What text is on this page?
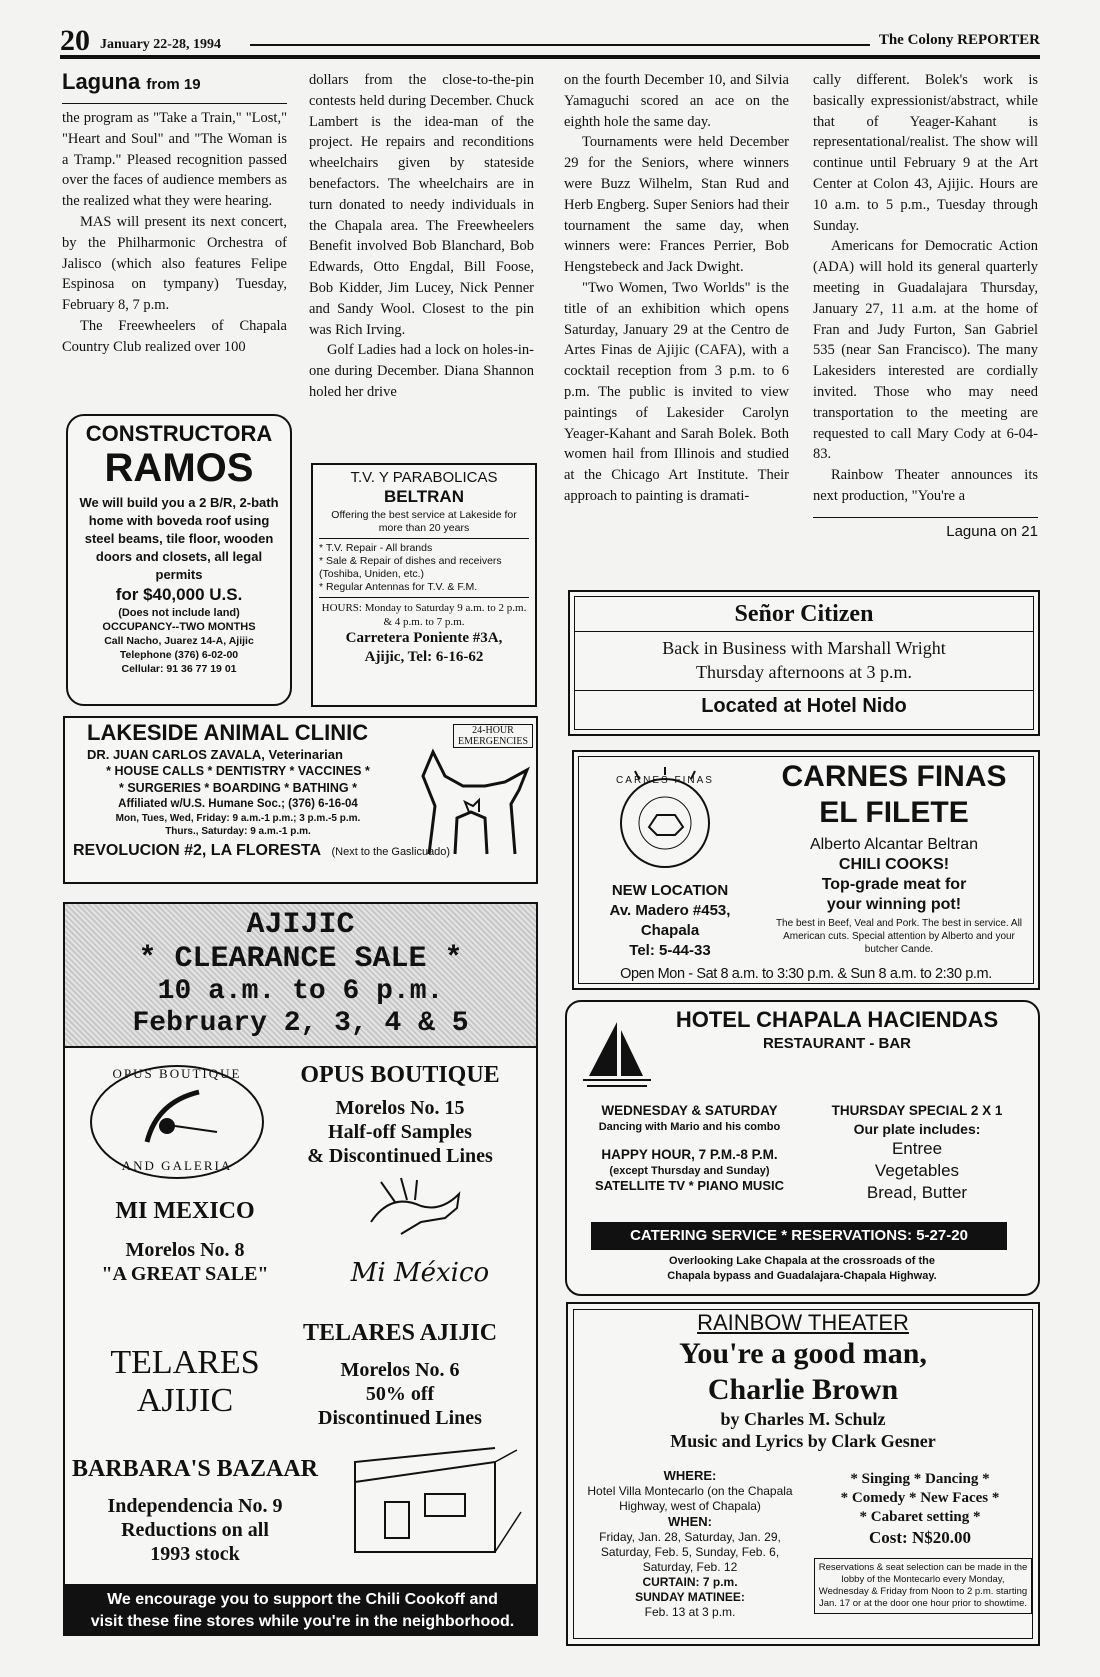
20 January 22-28, 1994	The Colony REPORTER
Laguna from 19

the program as "Take a Train," "Lost," "Heart and Soul" and "The Woman is a Tramp." Pleased recognition passed over the faces of audience members as the realized what they were hearing.

MAS will present its next concert, by the Philharmonic Orchestra of Jalisco (which also features Felipe Espinosa on tympany) Tuesday, February 8, 7 p.m.

The Freewheelers of Chapala Country Club realized over 100

dollars from the close-to-the-pin contests held during December. Chuck Lambert is the idea-man of the project. He repairs and reconditions wheelchairs given by stateside benefactors. The wheelchairs are in turn donated to needy individuals in the Chapala area. The Freewheelers Benefit involved Bob Blanchard, Bob Edwards, Otto Engdal, Bill Foose, Bob Kidder, Jim Lucey, Nick Penner and Sandy Wool. Closest to the pin was Rich Irving.

Golf Ladies had a lock on holes-in-one during December. Diana Shannon holed her drive

on the fourth December 10, and Silvia Yamaguchi scored an ace on the eighth hole the same day.

Tournaments were held December 29 for the Seniors, where winners were Buzz Wilhelm, Stan Rud and Herb Engberg. Super Seniors had their tournament the same day, when winners were: Frances Perrier, Bob Hengstebeck and Jack Dwight.

"Two Women, Two Worlds" is the title of an exhibition which opens Saturday, January 29 at the Centro de Artes Finas de Ajijic (CAFA), with a cocktail reception from 3 p.m. to 6 p.m. The public is invited to view paintings of Lakesider Carolyn Yeager-Kahant and Sarah Bolek. Both women hail from Illinois and studied at the Chicago Art Institute. Their approach to painting is dramati-

cally different. Bolek's work is basically expressionist/abstract, while that of Yeager-Kahant is representational/realist. The show will continue until February 9 at the Art Center at Colon 43, Ajijic. Hours are 10 a.m. to 5 p.m., Tuesday through Sunday.

Americans for Democratic Action (ADA) will hold its general quarterly meeting in Guadalajara Thursday, January 27, 11 a.m. at the home of Fran and Judy Furton, San Gabriel 535 (near San Francisco). The many Lakesiders interested are cordially invited. Those who may need transportation to the meeting are requested to call Mary Cody at 6-04-83.

Rainbow Theater announces its next production, "You're a

Laguna on 21
CONSTRUCTORA
RAMOS
We will build you a 2 B/R, 2-bath home with boveda roof using steel beams, tile floor, wooden doors and closets, all legal permits
for $40,000 U.S.
(Does not include land)
OCCUPANCY--TWO MONTHS
Call Nacho, Juarez 14-A, Ajijic
Telephone (376) 6-02-00
Cellular: 91 36 77 19 01
T.V. Y PARABOLICAS
BELTRAN
Offering the best service at Lakeside for more than 20 years
* T.V. Repair - All brands
* Sale & Repair of dishes and receivers (Toshiba, Uniden, etc.)
* Regular Antennas for T.V. & F.M.
HOURS: Monday to Saturday 9 a.m. to 2 p.m. & 4 p.m. to 7 p.m.
Carretera Poniente #3A,
Ajijic, Tel: 6-16-62
LAKESIDE ANIMAL CLINIC	24-HOUR EMERGENCIES
DR. JUAN CARLOS ZAVALA, Veterinarian
* HOUSE CALLS * DENTISTRY * VACCINES *
* SURGERIES * BOARDING * BATHING *
Affiliated w/U.S. Humane Soc.; (376) 6-16-04
Mon, Tues, Wed, Friday: 9 a.m.-1 p.m.; 3 p.m.-5 p.m.
Thurs., Saturday: 9 a.m.-1 p.m.
REVOLUCION #2, LA FLORESTA (Next to the Gaslicuado)
AJIJIC
* CLEARANCE SALE *
10 a.m. to 6 p.m.
February 2, 3, 4 & 5
OPUS BOUTIQUE
AND GALERIA
OPUS BOUTIQUE
Morelos No. 15
Half-off Samples
& Discontinued Lines
MI MEXICO
Morelos No. 8
"A GREAT SALE"	Mi México
TELARES
AJIJIC
TELARES AJIJIC
Morelos No. 6
50% off
Discontinued Lines
BARBARA'S BAZAAR
Independencia No. 9
Reductions on all
1993 stock
We encourage you to support the Chili Cookoff and
visit these fine stores while you're in the neighborhood.
Señor Citizen
Back in Business with Marshall Wright
Thursday afternoons at 3 p.m.
Located at Hotel Nido
CARNES FINAS	CARNES FINAS
EL FILETE
Alberto Alcantar Beltran
CHILI COOKS!
Top-grade meat for
your winning pot!
The best in Beef, Veal and Pork. The best in service. All American cuts. Special attention by Alberto and your butcher Cande.
NEW LOCATION
Av. Madero #453,
Chapala
Tel: 5-44-33
Open Mon - Sat 8 a.m. to 3:30 p.m. & Sun 8 a.m. to 2:30 p.m.
HOTEL CHAPALA HACIENDAS
RESTAURANT - BAR
WEDNESDAY & SATURDAY
Dancing with Mario and his combo
HAPPY HOUR, 7 P.M.-8 P.M.
(except Thursday and Sunday)
SATELLITE TV * PIANO MUSIC
THURSDAY SPECIAL 2 X 1
Our plate includes:
Entree
Vegetables
Bread, Butter
CATERING SERVICE * RESERVATIONS: 5-27-20
Overlooking Lake Chapala at the crossroads of the
Chapala bypass and Guadalajara-Chapala Highway.
RAINBOW THEATER
You're a good man,
Charlie Brown
by Charles M. Schulz
Music and Lyrics by Clark Gesner
WHERE:
Hotel Villa Montecarlo (on the Chapala Highway, west of Chapala)
WHEN:
Friday, Jan. 28, Saturday, Jan. 29, Saturday, Feb. 5, Sunday, Feb. 6, Saturday, Feb. 12
CURTAIN: 7 p.m.
SUNDAY MATINEE:
Feb. 13 at 3 p.m.
* Singing * Dancing *
* Comedy * New Faces *
* Cabaret setting *
Cost: N$20.00
Reservations & seat selection can be made in the lobby of the Montecarlo every Monday, Wednesday & Friday from Noon to 2 p.m. starting Jan. 17 or at the door one hour prior to showtime.
